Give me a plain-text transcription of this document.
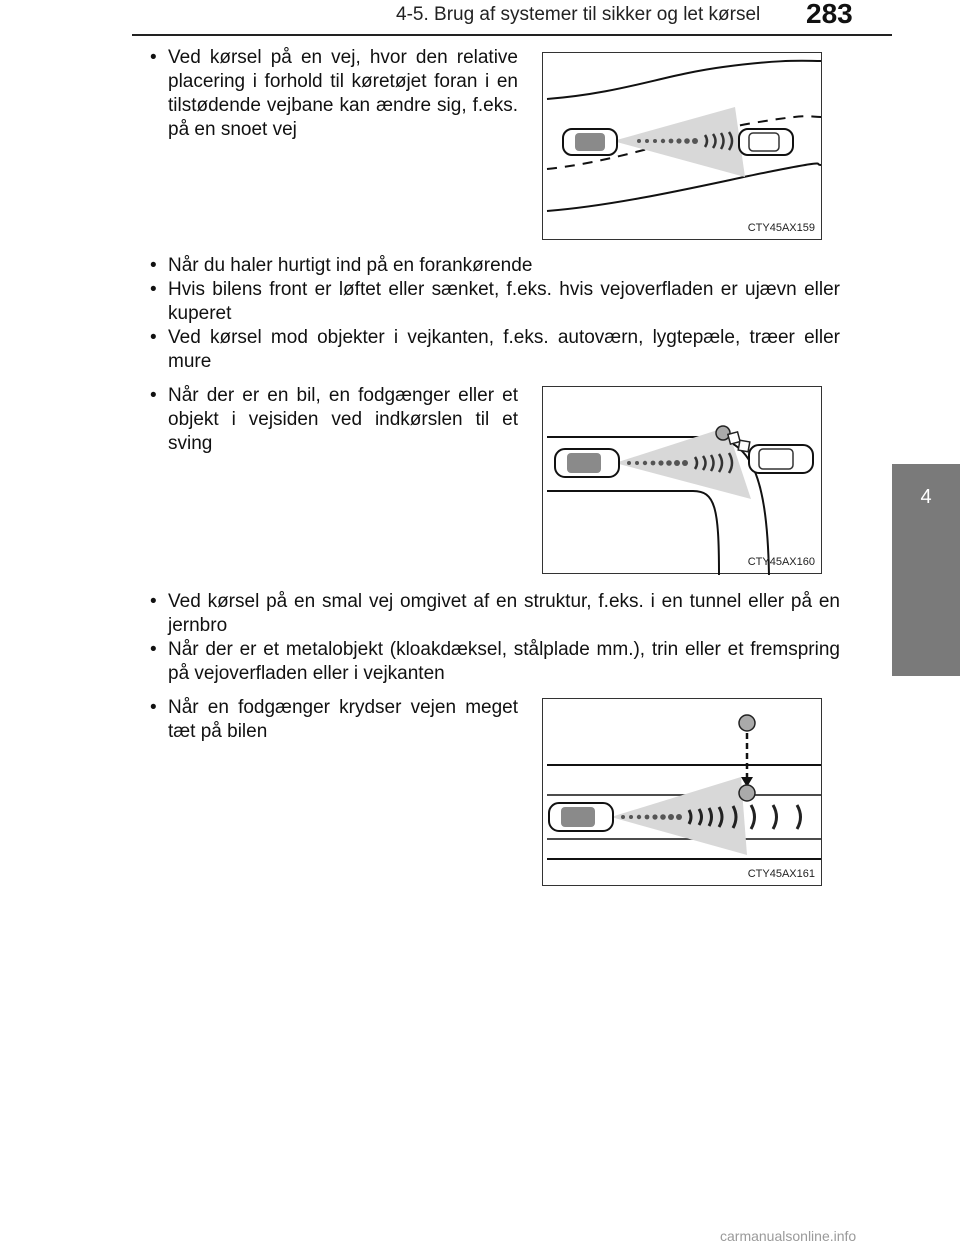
4-5. Brug af systemer til sikker og let kørsel 283
4
Kørsel
• Ved kørsel på en vej, hvor den relative placering i forhold til køretøjet foran i en tilstødende vejbane kan ændre sig, f.eks. på en snoet vej
CTY45AX159
• Når du haler hurtigt ind på en forankørende
• Hvis bilens front er løftet eller sænket, f.eks. hvis vejoverfladen er ujævn eller kuperet
• Ved kørsel mod objekter i vejkanten, f.eks. autoværn, lygtepæle, træer eller mure
• Når der er en bil, en fodgænger eller et objekt i vejsiden ved indkørslen til et sving
CTY45AX160
• Ved kørsel på en smal vej omgivet af en struktur, f.eks. i en tunnel eller på en jernbro
• Når der er et metalobjekt (kloakdæksel, stålplade mm.), trin eller et fremspring på vejoverfladen eller i vejkanten
• Når en fodgænger krydser vejen meget tæt på bilen
CTY45AX161
carmanualsonline.info
